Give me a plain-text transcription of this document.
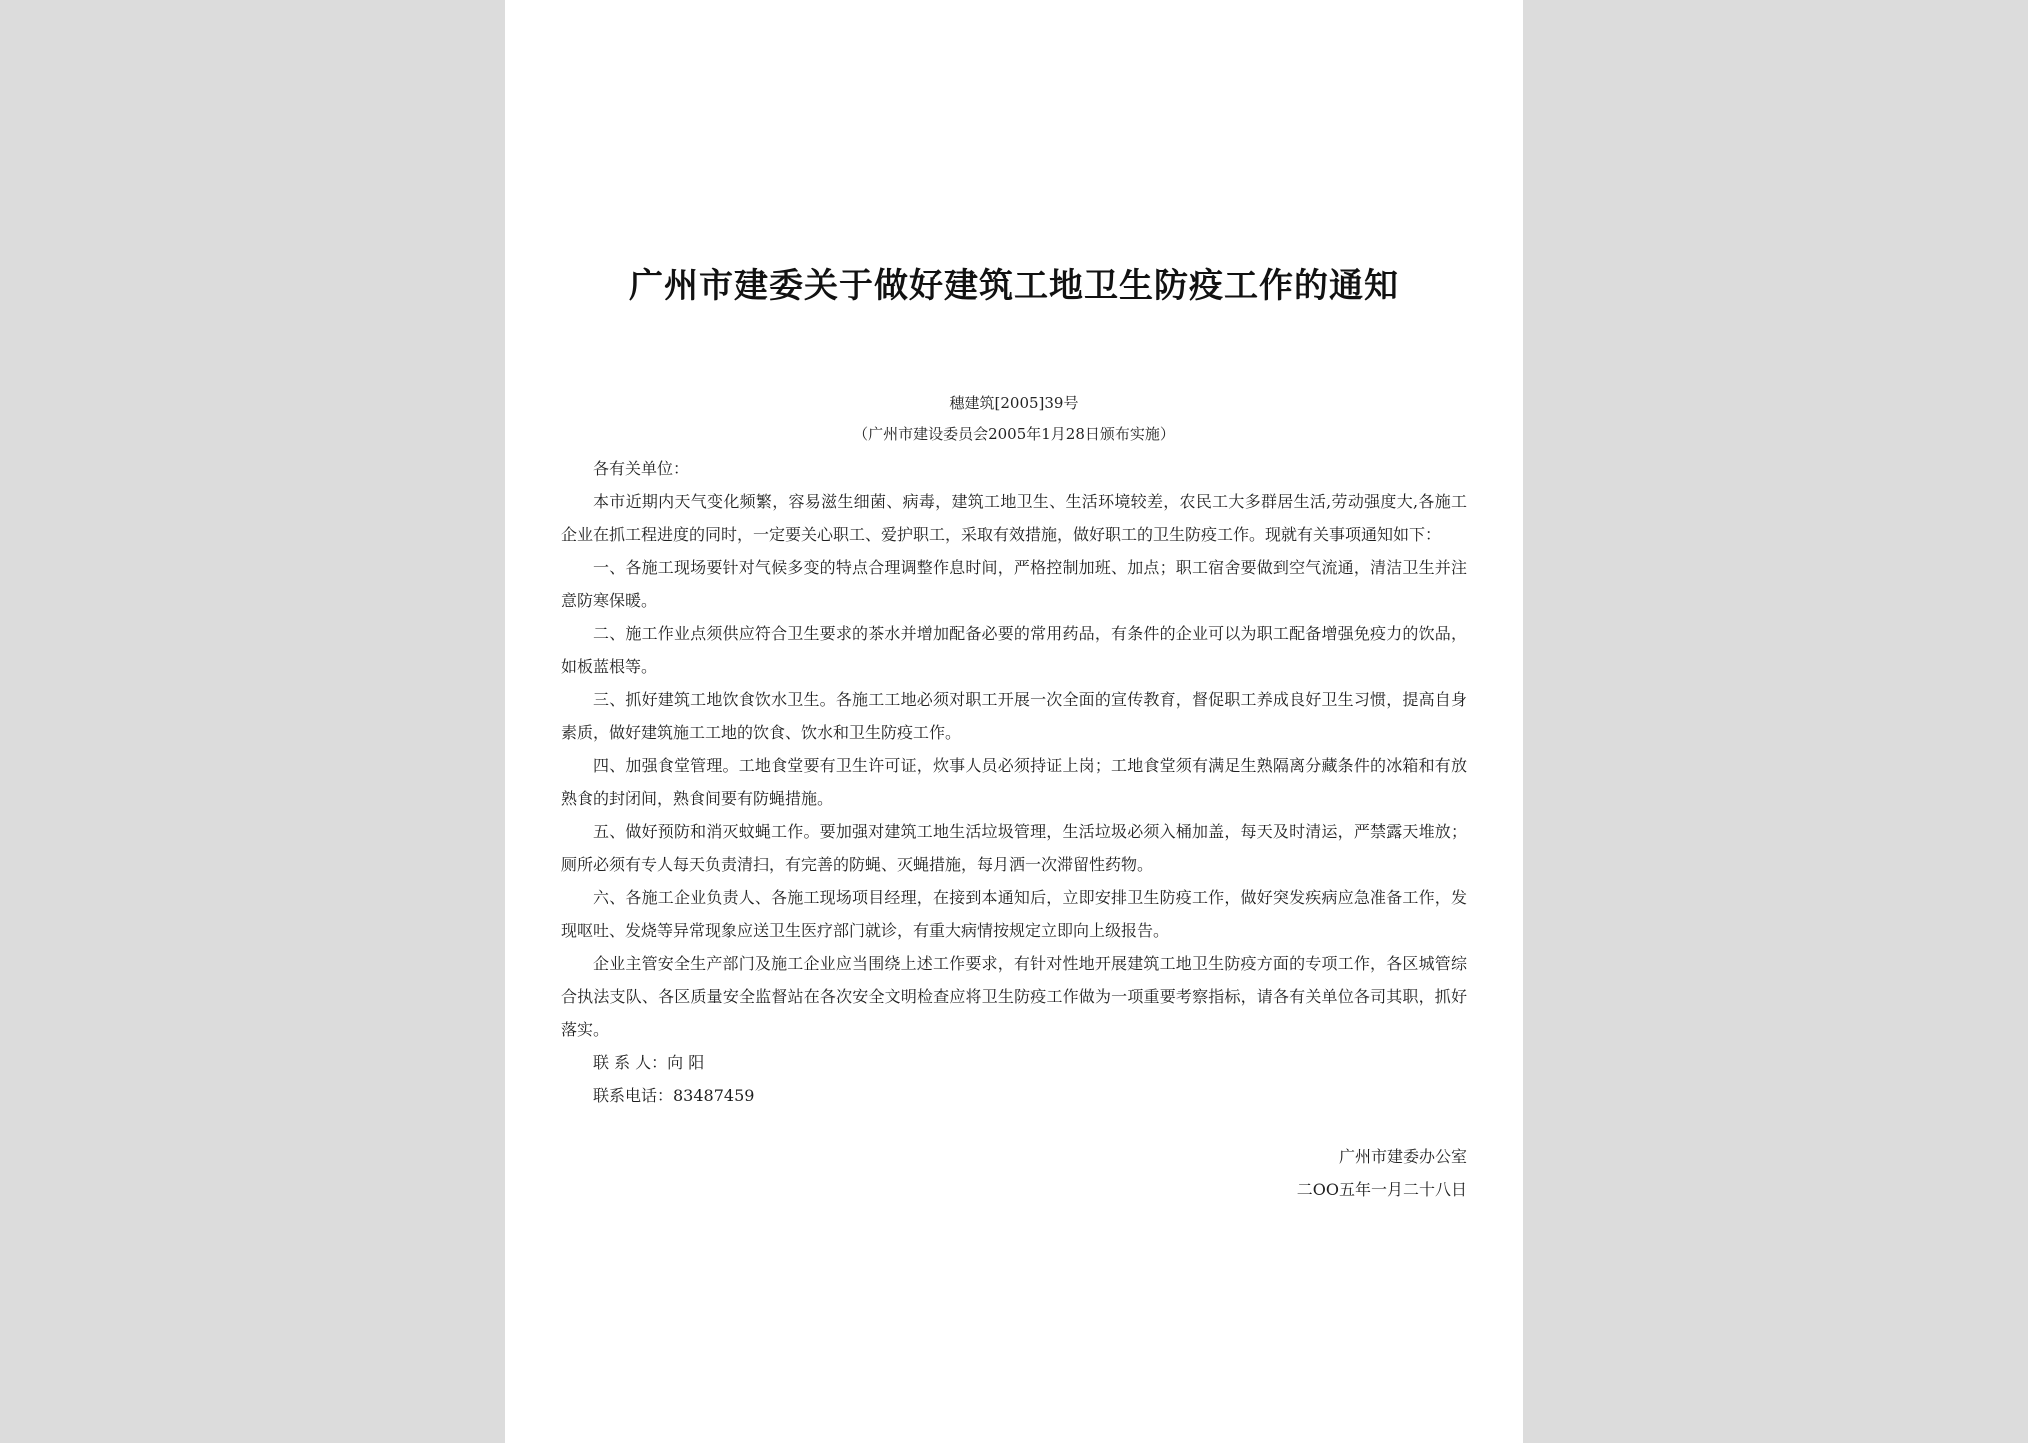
广州市建委关于做好建筑工地卫生防疫工作的通知
穗建筑[2005]39号
（广州市建设委员会2005年1月28日颁布实施）

各有关单位：

本市近期内天气变化频繁，容易滋生细菌、病毒，建筑工地卫生、生活环境较差，农民工大多群居生活,劳动强度大,各施工企业在抓工程进度的同时，一定要关心职工、爱护职工，采取有效措施，做好职工的卫生防疫工作。现就有关事项通知如下：

一、各施工现场要针对气候多变的特点合理调整作息时间，严格控制加班、加点；职工宿舍要做到空气流通，清洁卫生并注意防寒保暖。

二、施工作业点须供应符合卫生要求的茶水并增加配备必要的常用药品，有条件的企业可以为职工配备增强免疫力的饮品，如板蓝根等。

三、抓好建筑工地饮食饮水卫生。各施工工地必须对职工开展一次全面的宣传教育，督促职工养成良好卫生习惯，提高自身素质，做好建筑施工工地的饮食、饮水和卫生防疫工作。

四、加强食堂管理。工地食堂要有卫生许可证，炊事人员必须持证上岗；工地食堂须有满足生熟隔离分藏条件的冰箱和有放熟食的封闭间，熟食间要有防蝇措施。

五、做好预防和消灭蚊蝇工作。要加强对建筑工地生活垃圾管理，生活垃圾必须入桶加盖，每天及时清运，严禁露天堆放；厕所必须有专人每天负责清扫，有完善的防蝇、灭蝇措施，每月洒一次滞留性药物。

六、各施工企业负责人、各施工现场项目经理，在接到本通知后，立即安排卫生防疫工作，做好突发疾病应急准备工作，发现呕吐、发烧等异常现象应送卫生医疗部门就诊，有重大病情按规定立即向上级报告。

企业主管安全生产部门及施工企业应当围绕上述工作要求，有针对性地开展建筑工地卫生防疫方面的专项工作，各区城管综合执法支队、各区质量安全监督站在各次安全文明检查应将卫生防疫工作做为一项重要考察指标，请各有关单位各司其职，抓好落实。

联 系 人：向 阳

联系电话：83487459

广州市建委办公室
二OO五年一月二十八日
